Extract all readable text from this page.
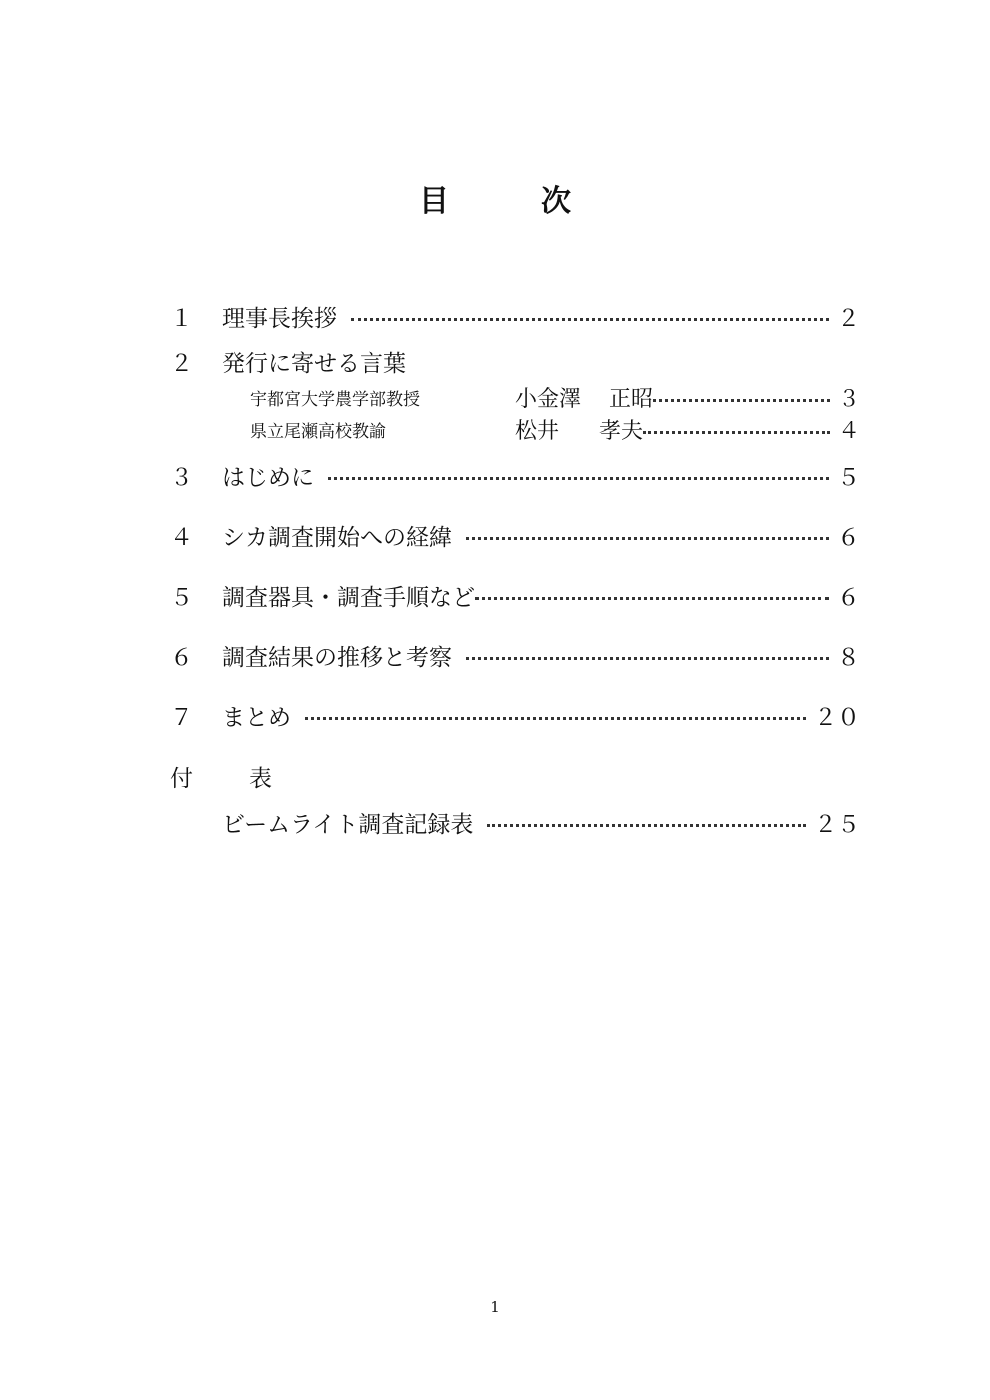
目	次
１	理事長挨拶	２
２	発行に寄せる言葉
宇都宮大学農学部教授	小金澤 正昭	３
県立尾瀬高校教諭	松井 孝夫	４
３	はじめに	５
４	シカ調査開始への経緯	６
５	調査器具・調査手順など	６
６	調査結果の推移と考察	８
７	まとめ	２０
付 表
ビームライト調査記録表	２５
1
